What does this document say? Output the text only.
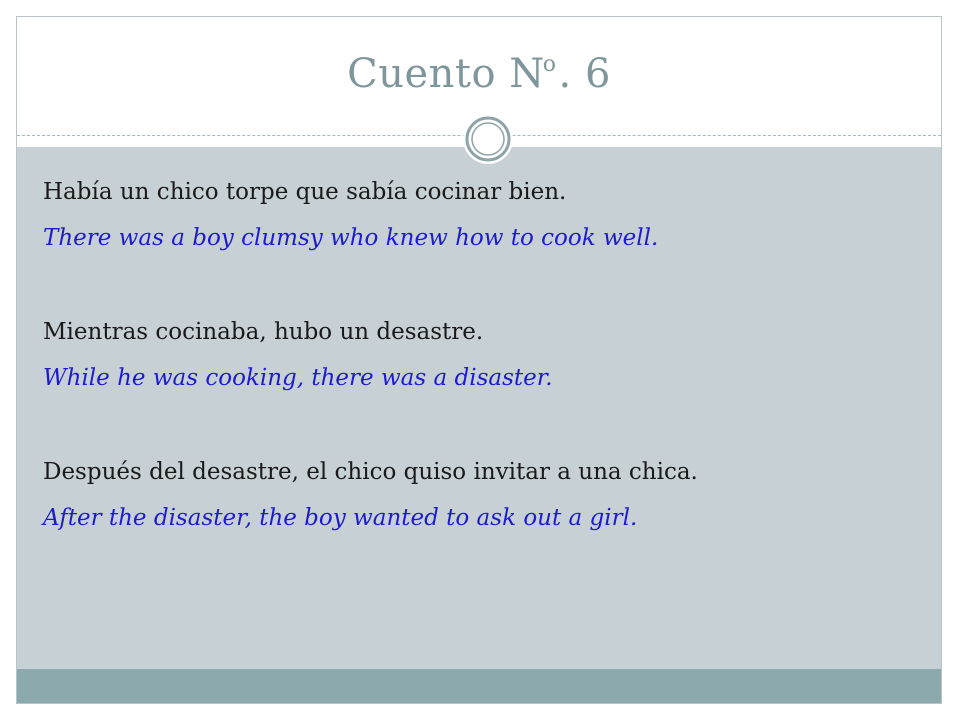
Cuento $N^o$. 6
Había un chico torpe que sabía cocinar bien.
There was a boy clumsy who knew how to cook well.
Mientras cocinaba, hubo un desastre.
While he was cooking, there was a disaster.
Después del desastre, el chico quiso invitar a una chica.
After the disaster, the boy wanted to ask out a girl.
